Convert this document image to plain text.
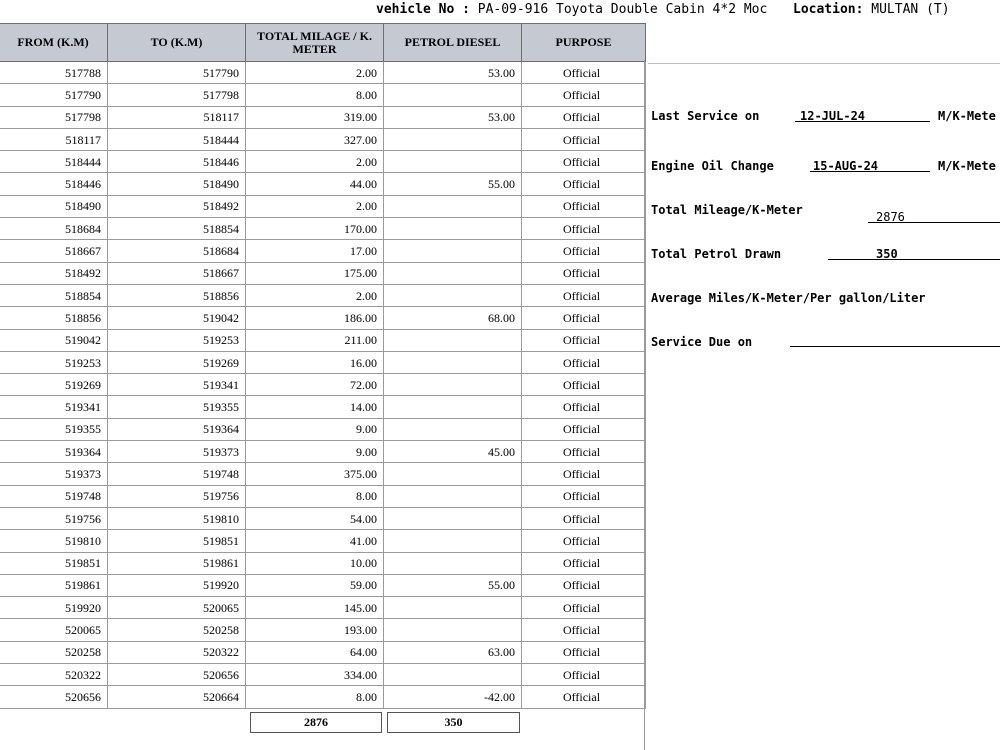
vehicle No : PA-09-916 Toyota Double Cabin 4*2 Moc Location: MULTAN (T)
FROM (K.M)	TO (K.M)	TOTAL MILAGE / K. METER	PETROL DIESEL	PURPOSE
517788	517790	2.00	53.00	Official
517790	517798	8.00		Official
517798	518117	319.00	53.00	Official
518117	518444	327.00		Official
518444	518446	2.00		Official
518446	518490	44.00	55.00	Official
518490	518492	2.00		Official
518684	518854	170.00		Official
518667	518684	17.00		Official
518492	518667	175.00		Official
518854	518856	2.00		Official
518856	519042	186.00	68.00	Official
519042	519253	211.00		Official
519253	519269	16.00		Official
519269	519341	72.00		Official
519341	519355	14.00		Official
519355	519364	9.00		Official
519364	519373	9.00	45.00	Official
519373	519748	375.00		Official
519748	519756	8.00		Official
519756	519810	54.00		Official
519810	519851	41.00		Official
519851	519861	10.00		Official
519861	519920	59.00	55.00	Official
519920	520065	145.00		Official
520065	520258	193.00		Official
520258	520322	64.00	63.00	Official
520322	520656	334.00		Official
520656	520664	8.00	-42.00	Official
2876	350
Last Service on	12-JUL-24	M/K-Mete
Engine Oil Change	15-AUG-24	M/K-Mete
Total Mileage/K-Meter	2876
Total Petrol Drawn	350
Average Miles/K-Meter/Per gallon/Liter
Service Due on
